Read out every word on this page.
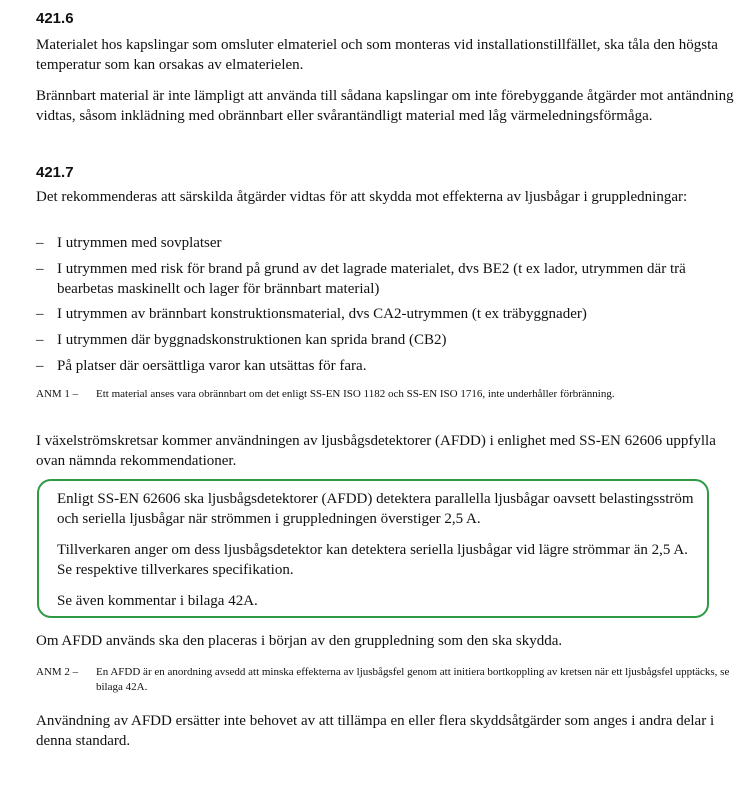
421.6

Materialet hos kapslingar som omsluter elmateriel och som monteras vid installationstillfället, ska tåla den högsta temperatur som kan orsakas av elmaterielen.

Brännbart material är inte lämpligt att använda till sådana kapslingar om inte förebyggande åtgärder mot antändning vidtas, såsom inklädning med obrännbart eller svårantändligt material med låg värmeledningsförmåga.

421.7

Det rekommenderas att särskilda åtgärder vidtas för att skydda mot effekterna av ljusbågar i gruppledningar:

– I utrymmen med sovplatser
– I utrymmen med risk för brand på grund av det lagrade materialet, dvs BE2 (t ex lador, utrymmen där trä bearbetas maskinellt och lager för brännbart material)
– I utrymmen av brännbart konstruktionsmaterial, dvs CA2-utrymmen (t ex träbyggnader)
– I utrymmen där byggnadskonstruktionen kan sprida brand (CB2)
– På platser där oersättliga varor kan utsättas för fara.
ANM 1 – Ett material anses vara obrännbart om det enligt SS-EN ISO 1182 och SS-EN ISO 1716, inte underhåller förbränning.

I växelströmskretsar kommer användningen av ljusbågsdetektorer (AFDD) i enlighet med SS-EN 62606 uppfylla ovan nämnda rekommendationer.

Enligt SS-EN 62606 ska ljusbågsdetektorer (AFDD) detektera parallella ljusbågar oavsett belastingsström och seriella ljusbågar när strömmen i gruppledningen överstiger 2,5 A.

Tillverkaren anger om dess ljusbågsdetektor kan detektera seriella ljusbågar vid lägre strömmar än 2,5 A. Se respektive tillverkares specifikation.

Se även kommentar i bilaga 42A.

Om AFDD används ska den placeras i början av den gruppledning som den ska skydda.

ANM 2 – En AFDD är en anordning avsedd att minska effekterna av ljusbågsfel genom att initiera bortkoppling av kretsen när ett ljusbågsfel upptäcks, se bilaga 42A.

Användning av AFDD ersätter inte behovet av att tillämpa en eller flera skyddsåtgärder som anges i andra delar i denna standard.
